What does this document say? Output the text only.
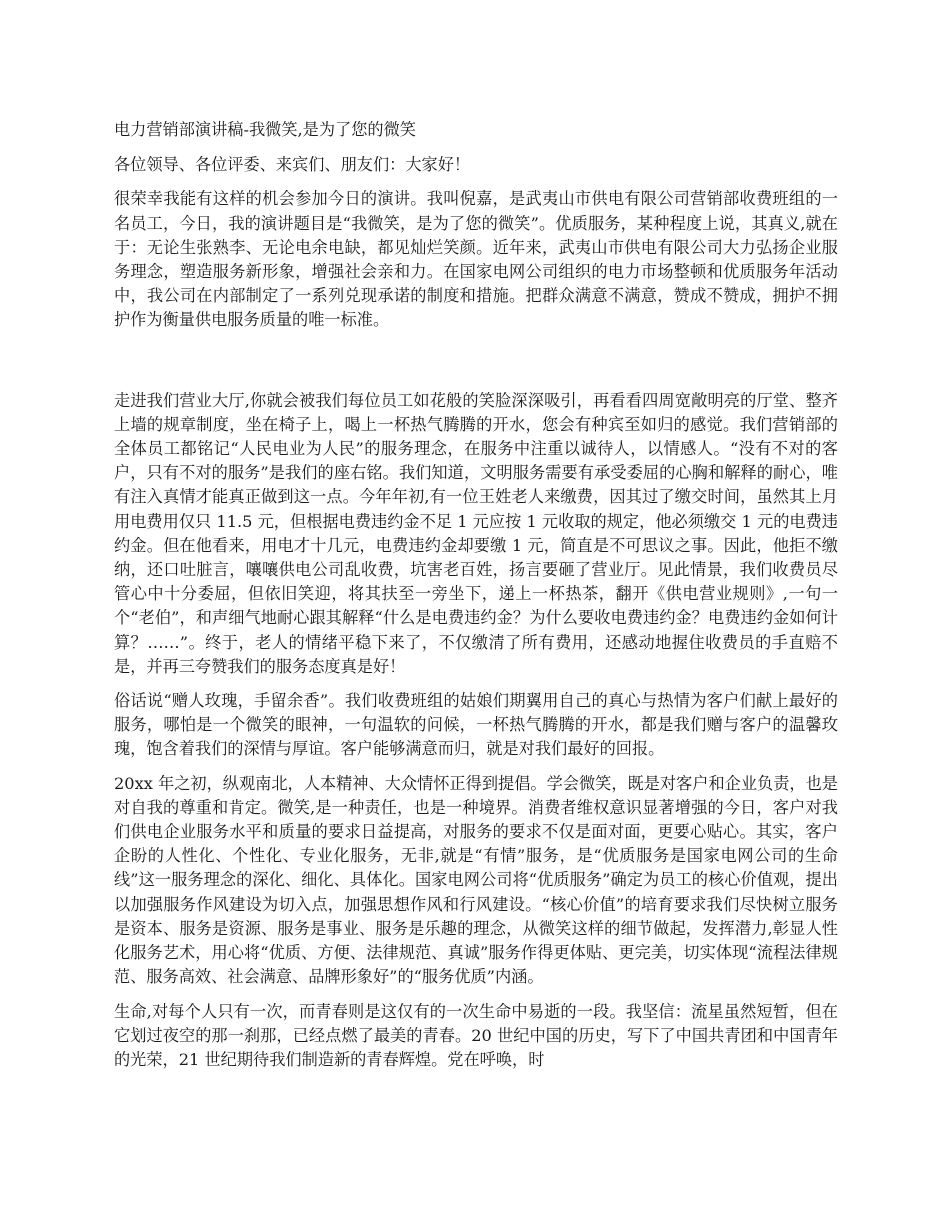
电力营销部演讲稿-我微笑,是为了您的微笑

各位领导、各位评委、来宾们、朋友们：大家好！

很荣幸我能有这样的机会参加今日的演讲。我叫倪嘉，是武夷山市供电有限公司营销部收费班组的一名员工，今日，我的演讲题目是“我微笑，是为了您的微笑”。优质服务，某种程度上说，其真义,就在于：无论生张熟李、无论电余电缺，都见灿烂笑颜。近年来，武夷山市供电有限公司大力弘扬企业服务理念，塑造服务新形象，增强社会亲和力。在国家电网公司组织的电力市场整顿和优质服务年活动中，我公司在内部制定了一系列兑现承诺的制度和措施。把群众满意不满意，赞成不赞成，拥护不拥护作为衡量供电服务质量的唯一标准。

走进我们营业大厅,你就会被我们每位员工如花般的笑脸深深吸引，再看看四周宽敞明亮的厅堂、整齐上墙的规章制度，坐在椅子上，喝上一杯热气腾腾的开水，您会有种宾至如归的感觉。我们营销部的全体员工都铭记“人民电业为人民”的服务理念，在服务中注重以诚待人，以情感人。“没有不对的客户，只有不对的服务”是我们的座右铭。我们知道，文明服务需要有承受委屈的心胸和解释的耐心，唯有注入真情才能真正做到这一点。今年年初,有一位王姓老人来缴费，因其过了缴交时间，虽然其上月用电费用仅只 11.5 元，但根据电费违约金不足 1 元应按 1 元收取的规定，他必须缴交 1 元的电费违约金。但在他看来，用电才十几元，电费违约金却要缴 1 元，简直是不可思议之事。因此，他拒不缴纳，还口吐脏言，嚷嚷供电公司乱收费，坑害老百姓，扬言要砸了营业厅。见此情景，我们收费员尽管心中十分委屈，但依旧笑迎，将其扶至一旁坐下，递上一杯热茶，翻开《供电营业规则》,一句一个“老伯”，和声细气地耐心跟其解释“什么是电费违约金？为什么要收电费违约金？电费违约金如何计算？……”。终于，老人的情绪平稳下来了，不仅缴清了所有费用，还感动地握住收费员的手直赔不是，并再三夸赞我们的服务态度真是好！

俗话说“赠人玫瑰，手留余香”。我们收费班组的姑娘们期翼用自己的真心与热情为客户们献上最好的服务，哪怕是一个微笑的眼神，一句温软的问候，一杯热气腾腾的开水，都是我们赠与客户的温馨玫瑰，饱含着我们的深情与厚谊。客户能够满意而归，就是对我们最好的回报。

20xx 年之初，纵观南北，人本精神、大众情怀正得到提倡。学会微笑，既是对客户和企业负责，也是对自我的尊重和肯定。微笑,是一种责任，也是一种境界。消费者维权意识显著增强的今日，客户对我们供电企业服务水平和质量的要求日益提高，对服务的要求不仅是面对面，更要心贴心。其实，客户企盼的人性化、个性化、专业化服务，无非,就是“有情”服务，是“优质服务是国家电网公司的生命线”这一服务理念的深化、细化、具体化。国家电网公司将“优质服务”确定为员工的核心价值观，提出以加强服务作风建设为切入点，加强思想作风和行风建设。“核心价值”的培育要求我们尽快树立服务是资本、服务是资源、服务是事业、服务是乐趣的理念，从微笑这样的细节做起，发挥潜力,彰显人性化服务艺术，用心将“优质、方便、法律规范、真诚”服务作得更体贴、更完美，切实体现“流程法律规范、服务高效、社会满意、品牌形象好”的“服务优质”内涵。

生命,对每个人只有一次，而青春则是这仅有的一次生命中易逝的一段。我坚信：流星虽然短暂，但在它划过夜空的那一刹那，已经点燃了最美的青春。20 世纪中国的历史，写下了中国共青团和中国青年的光荣，21 世纪期待我们制造新的青春辉煌。党在呼唤，时
